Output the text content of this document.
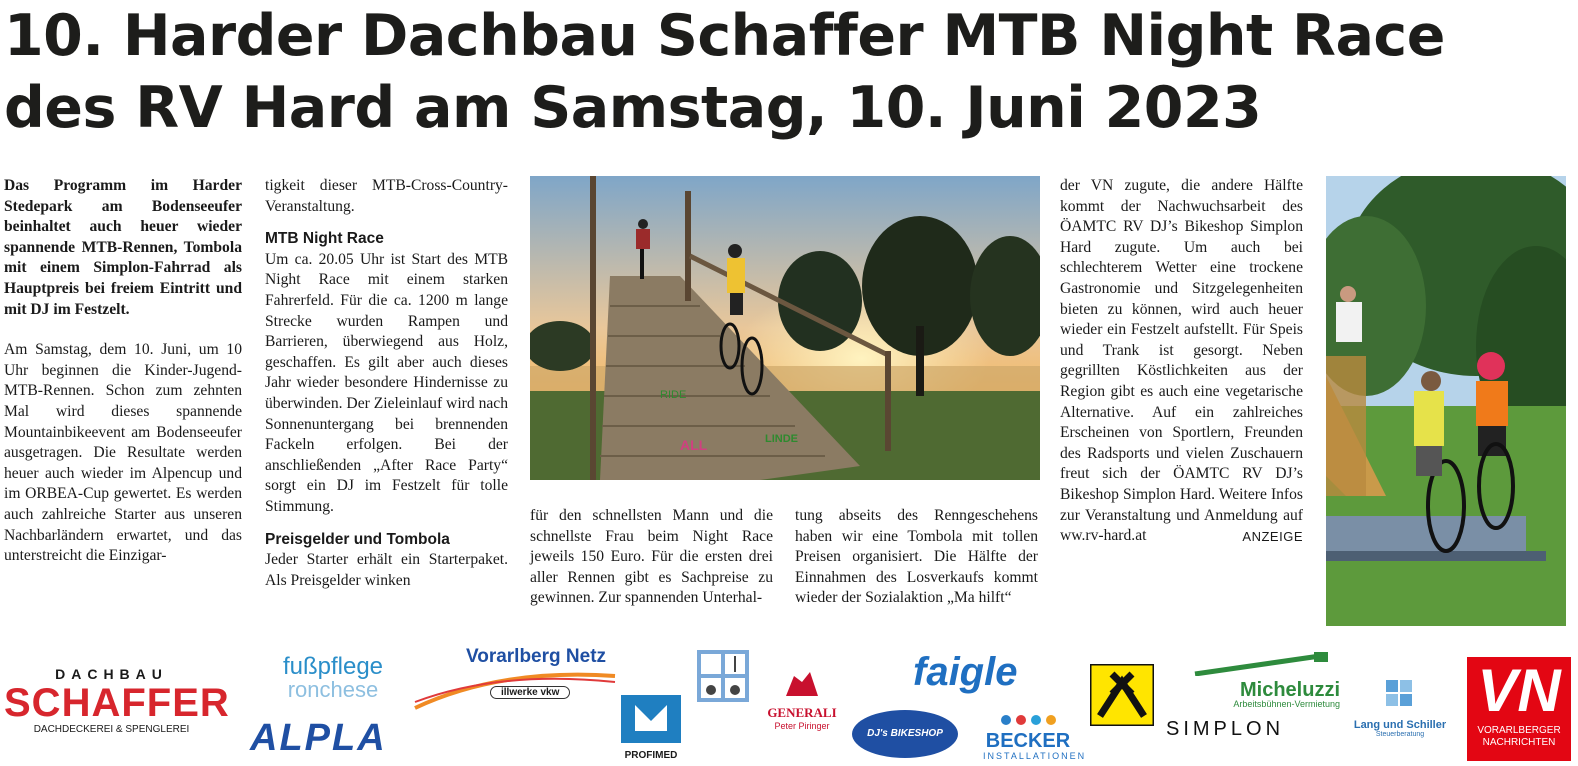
10. Harder Dachbau Schaffer MTB Night Race des RV Hard am Samstag, 10. Juni 2023

Das Programm im Harder Stedepark am Bodenseeufer beinhaltet auch heuer wieder spannende MTB-Rennen, Tombola mit einem Simplon-Fahrrad als Hauptpreis bei freiem Eintritt und mit DJ im Festzelt.

Am Samstag, dem 10. Juni, um 10 Uhr beginnen die Kinder-Jugend-MTB-Rennen. Schon zum zehnten Mal wird dieses spannende Mountainbikeevent am Bodenseeufer ausgetragen. Die Resultate werden heuer auch wieder im Alpencup und im ORBEA-Cup gewertet. Es werden auch zahlreiche Starter aus unseren Nachbarländern erwartet, und das unterstreicht die Einzigar-

tigkeit dieser MTB-Cross-Country-Veranstaltung.

MTB Night Race

Um ca. 20.05 Uhr ist Start des MTB Night Race mit einem starken Fahrerfeld. Für die ca. 1200 m lange Strecke wurden Rampen und Barrieren, überwiegend aus Holz, geschaffen. Es gilt aber auch dieses Jahr wieder besondere Hindernisse zu überwinden. Der Zieleinlauf wird nach Sonnenuntergang bei brennenden Fackeln erfolgen. Bei der anschließenden „After Race Party“ sorgt ein DJ im Festzelt für tolle Stimmung.

Preisgelder und Tombola

Jeder Starter erhält ein Starterpaket. Als Preisgelder winken

RIDE
ALL	LINDE

für den schnellsten Mann und die schnellste Frau beim Night Race jeweils 150 Euro. Für die ersten drei aller Rennen gibt es Sachpreise zu gewinnen. Zur spannenden Unterhal-

tung abseits des Renngeschehens haben wir eine Tombola mit tollen Preisen organisiert. Die Hälfte der Einnahmen des Losverkaufs kommt wieder der Sozialaktion „Ma hilft“

der VN zugute, die andere Hälfte kommt der Nachwuchsarbeit des ÖAMTC RV DJ’s Bikeshop Simplon Hard zugute. Um auch bei schlechterem Wetter eine trockene Gastronomie und Sitzgelegenheiten bieten zu können, wird auch heuer wieder ein Festzelt aufstellt. Für Speis und Trank ist gesorgt. Neben gegrillten Köstlichkeiten aus der Region gibt es auch eine vegetarische Alternative. Auf ein zahlreiches Erscheinen von Sportlern, Freunden des Radsports und vielen Zuschauern freut sich der ÖAMTC RV DJ’s Bikeshop Simplon Hard. Weitere Infos zur Veranstaltung und Anmeldung auf ww.rv-hard.at	ANZEIGE

DACHBAU
SCHAFFER
DACHDECKEREI & SPENGLEREI
fußpflege
ronchese
ALPLA
Vorarlberg Netz
illwerke vkw
PROFIMED
GENERALI
Peter Piringer
faigle
DJ's BIKESHOP	BECKER
INSTALLATIONEN
Micheluzzi
Arbeitsbühnen-Vermietung
SIMPLON	Lang und Schiller
Steuerberatung
VN
VORARLBERGER
NACHRICHTEN
